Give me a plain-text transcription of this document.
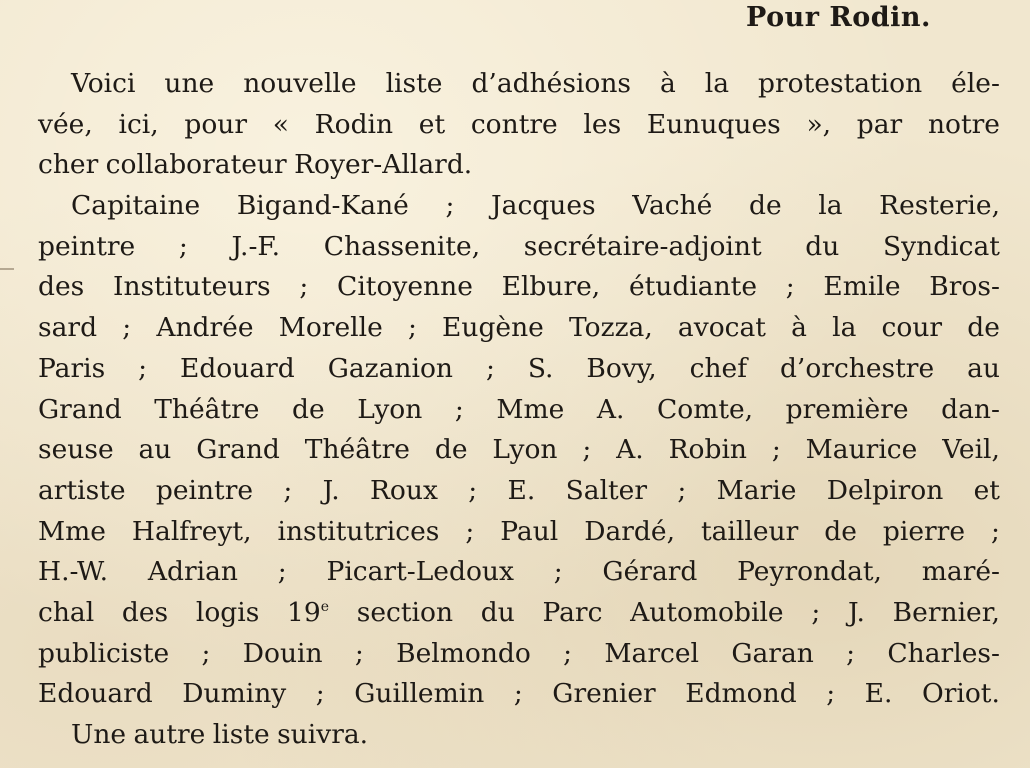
Pour Rodin.
Voici une nouvelle liste d’adhésions à la protestation éle-
vée, ici, pour « Rodin et contre les Eunuques », par notre
cher collaborateur Royer-Allard.
Capitaine Bigand-Kané ; Jacques Vaché de la Resterie,
peintre ; J.-F. Chassenite, secrétaire-adjoint du Syndicat
des Instituteurs ; Citoyenne Elbure, étudiante ; Emile Bros-
sard ; Andrée Morelle ; Eugène Tozza, avocat à la cour de
Paris ; Edouard Gazanion ; S. Bovy, chef d’orchestre au
Grand Théâtre de Lyon ; Mme A. Comte, première dan-
seuse au Grand Théâtre de Lyon ; A. Robin ; Maurice Veil,
artiste peintre ; J. Roux ; E. Salter ; Marie Delpiron et
Mme Halfreyt, institutrices ; Paul Dardé, tailleur de pierre ;
H.-W. Adrian ; Picart-Ledoux ; Gérard Peyrondat, maré-
chal des logis 19e section du Parc Automobile ; J. Bernier,
publiciste ; Douin ; Belmondo ; Marcel Garan ; Charles-
Edouard Duminy ; Guillemin ; Grenier Edmond ; E. Oriot.
Une autre liste suivra.
